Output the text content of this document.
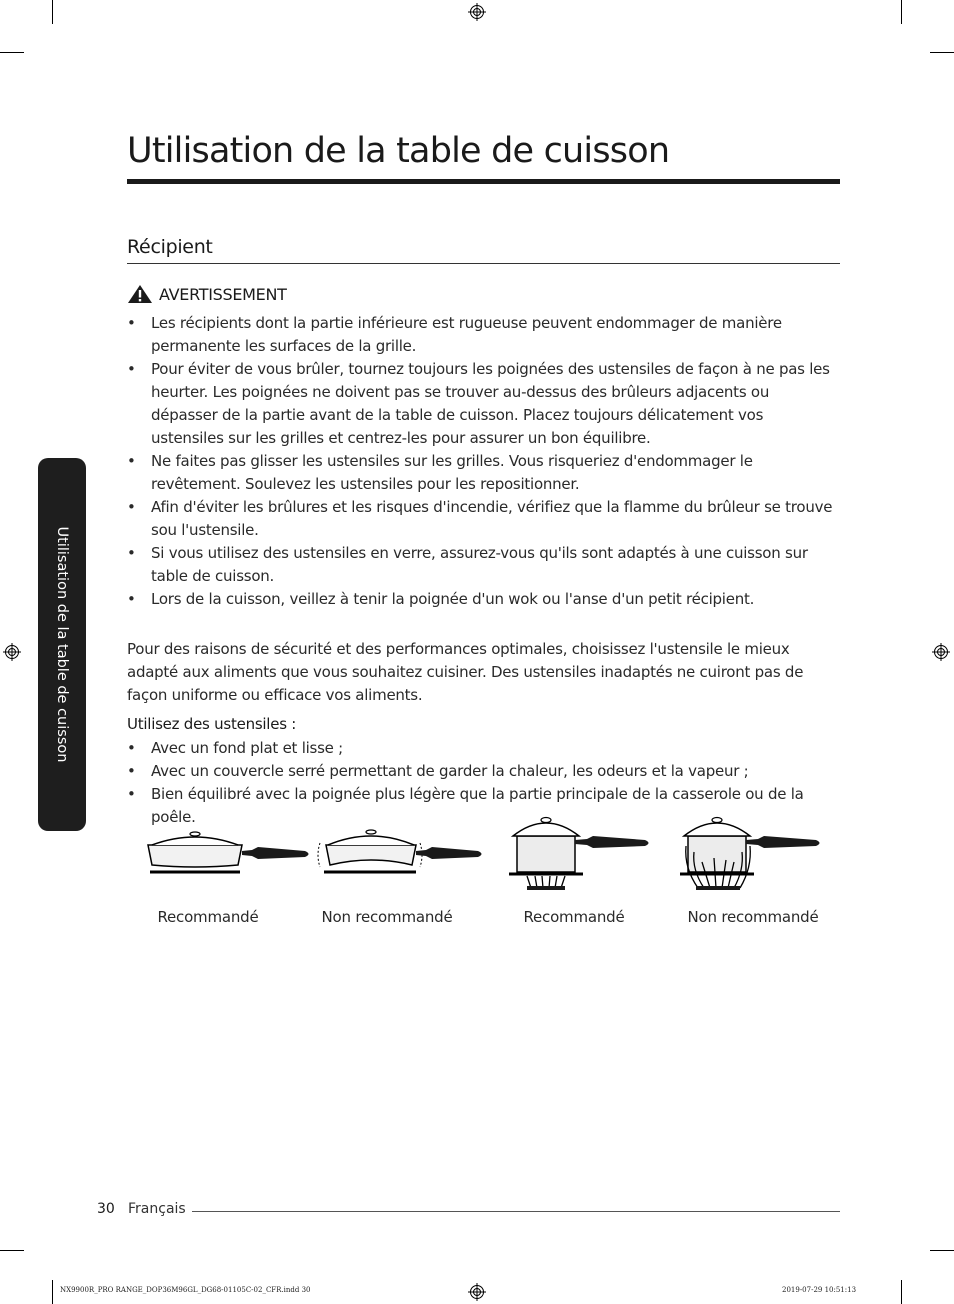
Utilisation de la table de cuisson
Utilisation de la table de cuisson
Récipient
AVERTISSEMENT
• Les récipients dont la partie inférieure est rugueuse peuvent endommager de manière permanente les surfaces de la grille.
• Pour éviter de vous brûler, tournez toujours les poignées des ustensiles de façon à ne pas les heurter. Les poignées ne doivent pas se trouver au-dessus des brûleurs adjacents ou dépasser de la partie avant de la table de cuisson. Placez toujours délicatement vos ustensiles sur les grilles et centrez-les pour assurer un bon équilibre.
• Ne faites pas glisser les ustensiles sur les grilles. Vous risqueriez d'endommager le revêtement. Soulevez les ustensiles pour les repositionner.
• Afin d'éviter les brûlures et les risques d'incendie, vérifiez que la flamme du brûleur se trouve sou l'ustensile.
• Si vous utilisez des ustensiles en verre, assurez-vous qu'ils sont adaptés à une cuisson sur table de cuisson.
• Lors de la cuisson, veillez à tenir la poignée d'un wok ou l'anse d'un petit récipient.

Pour des raisons de sécurité et des performances optimales, choisissez l'ustensile le mieux adapté aux aliments que vous souhaitez cuisiner. Des ustensiles inadaptés ne cuiront pas de façon uniforme ou efficace vos aliments.

Utilisez des ustensiles :

• Avec un fond plat et lisse ;
• Avec un couvercle serré permettant de garder la chaleur, les odeurs et la vapeur ;
• Bien équilibré avec la poignée plus légère que la partie principale de la casserole ou de la poêle.
Recommandé	Non recommandé	Recommandé	Non recommandé
30 Français
NX9900R_PRO RANGE_DOP36M96GL_DG68-01105C-02_CFR.indd 30	2019-07-29 10:51:13
